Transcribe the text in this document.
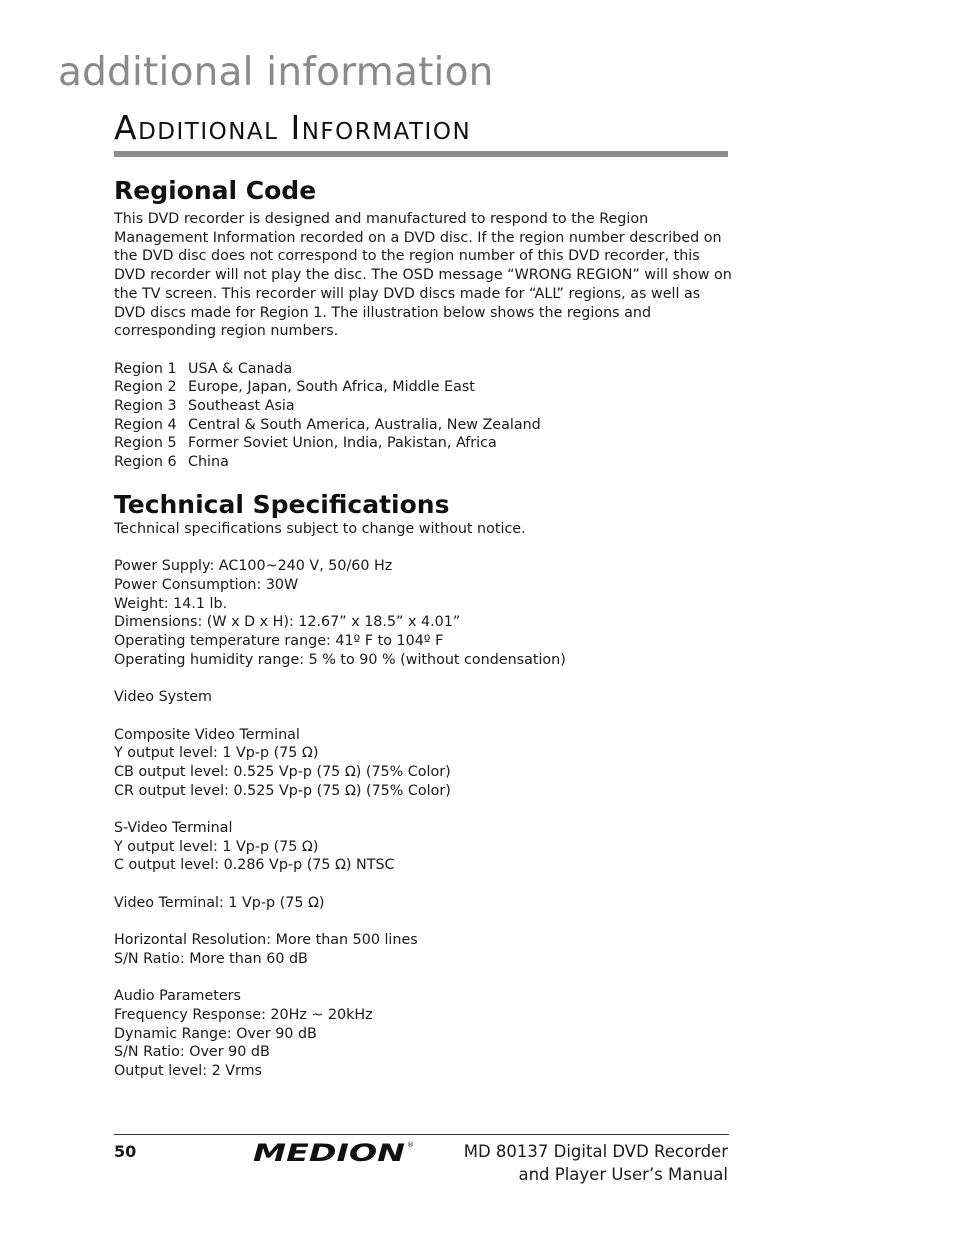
additional information
Additional Information
Regional Code

This DVD recorder is designed and manufactured to respond to the Region Management Information recorded on a DVD disc. If the region number described on the DVD disc does not correspond to the region number of this DVD recorder, this DVD recorder will not play the disc. The OSD message “WRONG REGION” will show on the TV screen. This recorder will play DVD discs made for “ALL” regions, as well as DVD discs made for Region 1. The illustration below shows the regions and corresponding region numbers.

Region 1 USA & Canada
Region 2 Europe, Japan, South Africa, Middle East
Region 3 Southeast Asia
Region 4 Central & South America, Australia, New Zealand
Region 5 Former Soviet Union, India, Pakistan, Africa
Region 6 China
Technical Specifications
Technical specifications subject to change without notice.
Power Supply: AC100~240 V, 50/60 Hz
Power Consumption: 30W
Weight: 14.1 lb.
Dimensions: (W x D x H): 12.67” x 18.5” x 4.01”
Operating temperature range: 41º F to 104º F
Operating humidity range: 5 % to 90 % (without condensation)
Video System
Composite Video Terminal
Y output level: 1 Vp-p (75 Ω)
CB output level: 0.525 Vp-p (75 Ω) (75% Color)
CR output level: 0.525 Vp-p (75 Ω) (75% Color)
S-Video Terminal
Y output level: 1 Vp-p (75 Ω)
C output level: 0.286 Vp-p (75 Ω) NTSC
Video Terminal: 1 Vp-p (75 Ω)
Horizontal Resolution: More than 500 lines
S/N Ratio: More than 60 dB
Audio Parameters
Frequency Response: 20Hz ~ 20kHz
Dynamic Range: Over 90 dB
S/N Ratio: Over 90 dB
Output level: 2 Vrms
50	MEDION ®	MD 80137 Digital DVD Recorder
and Player User’s Manual
